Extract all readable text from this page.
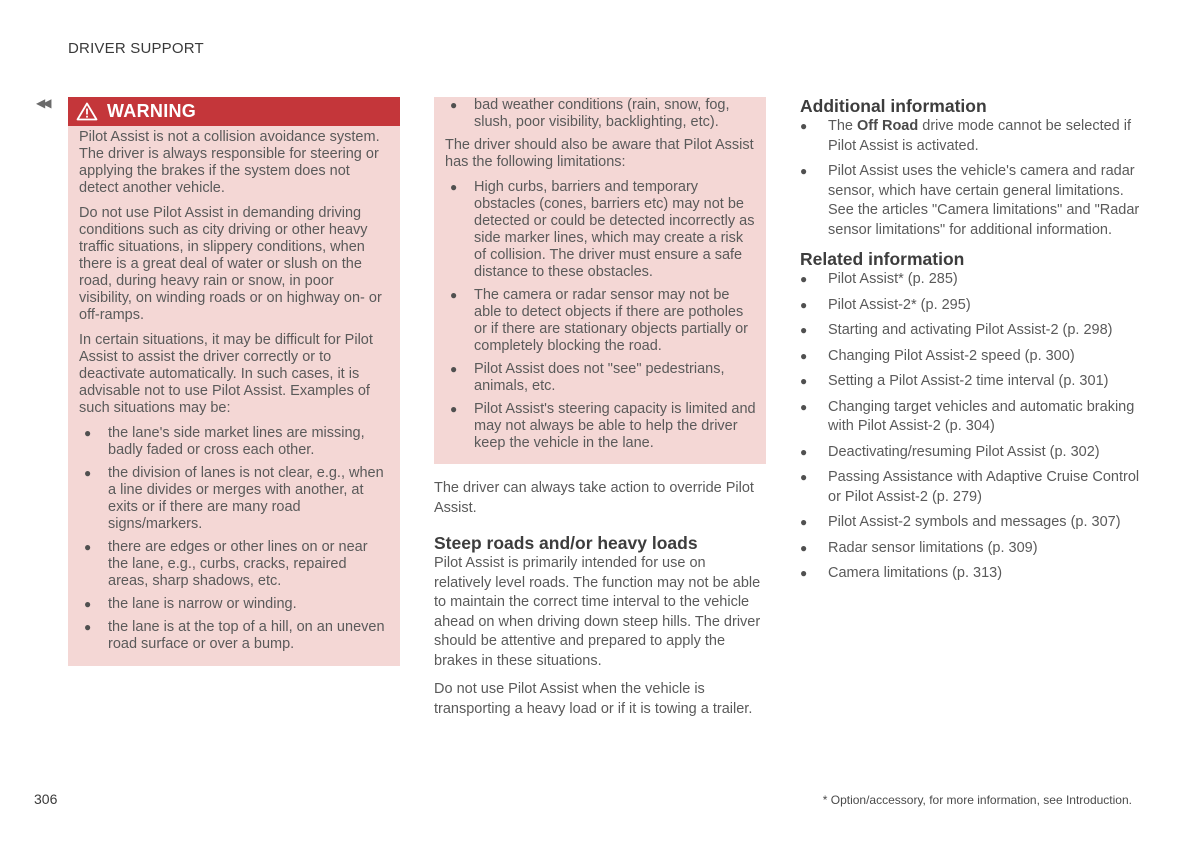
DRIVER SUPPORT
◀◀	WARNING

Pilot Assist is not a collision avoidance system. The driver is always responsible for steering or applying the brakes if the system does not detect another vehicle.

Do not use Pilot Assist in demanding driving conditions such as city driving or other heavy traffic situations, in slippery conditions, when there is a great deal of water or slush on the road, during heavy rain or snow, in poor visibility, on winding roads or on highway on- or off-ramps.

In certain situations, it may be difficult for Pilot Assist to assist the driver correctly or to deactivate automatically. In such cases, it is advisable not to use Pilot Assist. Examples of such situations may be:

● the lane's side market lines are missing, badly faded or cross each other.
● the division of lanes is not clear, e.g., when a line divides or merges with another, at exits or if there are many road signs/markers.
● there are edges or other lines on or near the lane, e.g., curbs, cracks, repaired areas, sharp shadows, etc.
● the lane is narrow or winding.
● the lane is at the top of a hill, on an uneven road surface or over a bump.
● bad weather conditions (rain, snow, fog, slush, poor visibility, backlighting, etc).

The driver should also be aware that Pilot Assist has the following limitations:

● High curbs, barriers and temporary obstacles (cones, barriers etc) may not be detected or could be detected incorrectly as side marker lines, which may create a risk of collision. The driver must ensure a safe distance to these obstacles.
● The camera or radar sensor may not be able to detect objects if there are potholes or if there are stationary objects partially or completely blocking the road.
● Pilot Assist does not "see" pedestrians, animals, etc.
● Pilot Assist's steering capacity is limited and may not always be able to help the driver keep the vehicle in the lane.

The driver can always take action to override Pilot Assist.

Steep roads and/or heavy loads

Pilot Assist is primarily intended for use on relatively level roads. The function may not be able to maintain the correct time interval to the vehicle ahead on when driving down steep hills. The driver should be attentive and prepared to apply the brakes in these situations.

Do not use Pilot Assist when the vehicle is transporting a heavy load or if it is towing a trailer.

Additional information
● The Off Road drive mode cannot be selected if Pilot Assist is activated.
● Pilot Assist uses the vehicle's camera and radar sensor, which have certain general limitations. See the articles "Camera limitations" and "Radar sensor limitations" for additional information.
Related information
● Pilot Assist* (p. 285)
● Pilot Assist-2* (p. 295)
● Starting and activating Pilot Assist-2 (p. 298)
● Changing Pilot Assist-2 speed (p. 300)
● Setting a Pilot Assist-2 time interval (p. 301)
● Changing target vehicles and automatic braking with Pilot Assist-2 (p. 304)
● Deactivating/resuming Pilot Assist (p. 302)
● Passing Assistance with Adaptive Cruise Control or Pilot Assist-2 (p. 279)
● Pilot Assist-2 symbols and messages (p. 307)
● Radar sensor limitations (p. 309)
● Camera limitations (p. 313)
306	* Option/accessory, for more information, see Introduction.
